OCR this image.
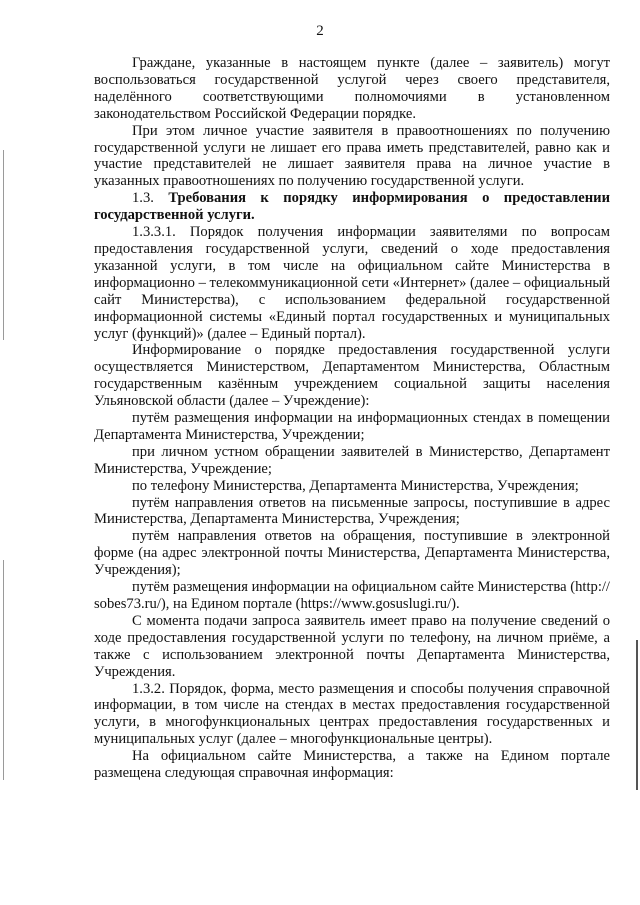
2

Граждане, указанные в настоящем пункте (далее – заявитель) могут воспользоваться государственной услугой через своего представителя, наделённого соответствующими полномочиями в установленном законодательством Российской Федерации порядке.

При этом личное участие заявителя в правоотношениях по получению государственной услуги не лишает его права иметь представителей, равно как и участие представителей не лишает заявителя права на личное участие в указанных правоотношениях по получению государственной услуги.

1.3. Требования к порядку информирования о предоставлении государственной услуги.

1.3.3.1. Порядок получения информации заявителями по вопросам предоставления государственной услуги, сведений о ходе предоставления указанной услуги, в том числе на официальном сайте Министерства в информационно – телекоммуникационной сети «Интернет» (далее – официальный сайт Министерства), с использованием федеральной государственной информационной системы «Единый портал государственных и муниципальных услуг (функций)» (далее – Единый портал).

Информирование о порядке предоставления государственной услуги осуществляется Министерством, Департаментом Министерства, Областным государственным казённым учреждением социальной защиты населения Ульяновской области (далее – Учреждение):

путём размещения информации на информационных стендах в помещении Департамента Министерства, Учреждении;

при личном устном обращении заявителей в Министерство, Департамент Министерства, Учреждение;

по телефону Министерства, Департамента Министерства, Учреждения;

путём направления ответов на письменные запросы, поступившие в адрес Министерства, Департамента Министерства, Учреждения;

путём направления ответов на обращения, поступившие в электронной форме (на адрес электронной почты Министерства, Департамента Министерства, Учреждения);

путём размещения информации на официальном сайте Министерства (http:// sobes73.ru/), на Едином портале (https://www.gosuslugi.ru/).

С момента подачи запроса заявитель имеет право на получение сведений о ходе предоставления государственной услуги по телефону, на личном приёме, а также с использованием электронной почты Департамента Министерства, Учреждения.

1.3.2. Порядок, форма, место размещения и способы получения справочной информации, в том числе на стендах в местах предоставления государственной услуги, в многофункциональных центрах предоставления государственных и муниципальных услуг (далее – многофункциональные центры).

На официальном сайте Министерства, а также на Едином портале размещена следующая справочная информация:
